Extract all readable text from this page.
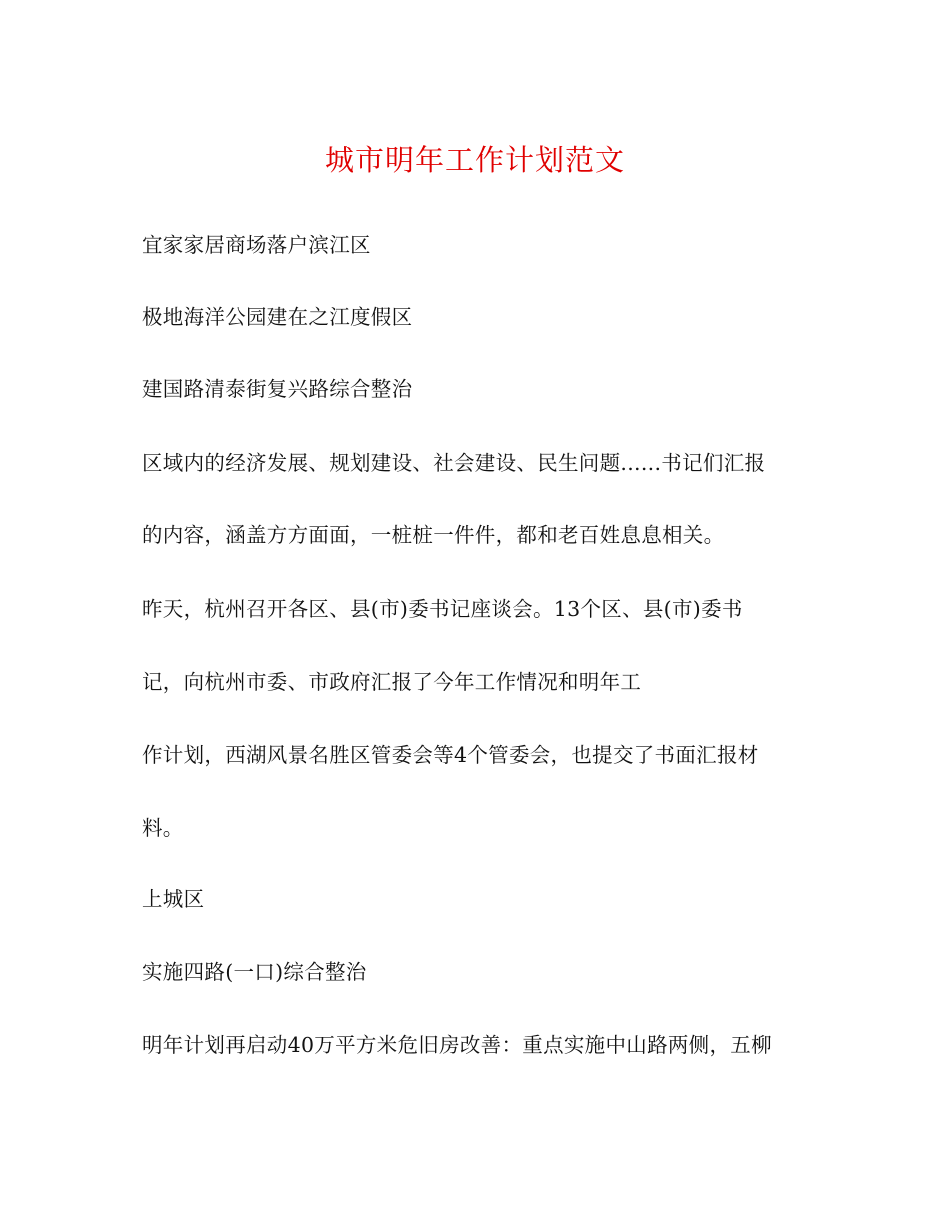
城市明年工作计划范文
宜家家居商场落户滨江区
极地海洋公园建在之江度假区
建国路清泰街复兴路综合整治
区域内的经济发展、规划建设、社会建设、民生问题......书记们汇报
的内容，涵盖方方面面，一桩桩一件件，都和老百姓息息相关。
昨天，杭州召开各区、县(市)委书记座谈会。13个区、县(市)委书
记，向杭州市委、市政府汇报了今年工作情况和明年工
作计划，西湖风景名胜区管委会等4个管委会，也提交了书面汇报材
料。
上城区
实施四路(一口)综合整治
明年计划再启动40万平方米危旧房改善：重点实施中山路两侧，五柳
